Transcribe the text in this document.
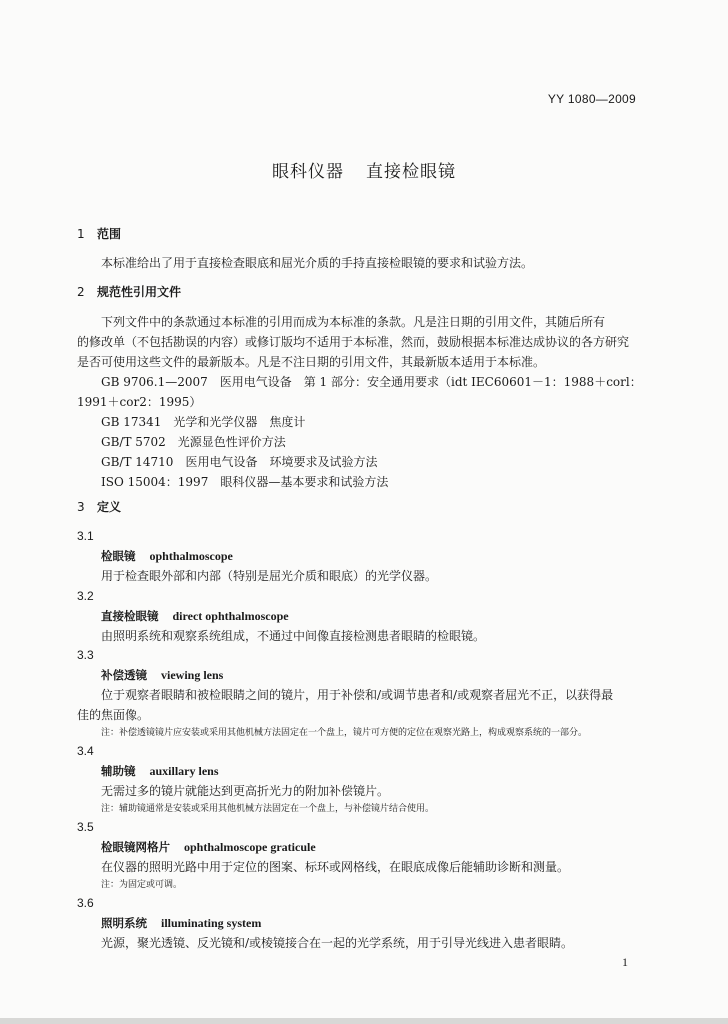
YY 1080—2009
眼科仪器 直接检眼镜
1 范围
本标准给出了用于直接检查眼底和屈光介质的手持直接检眼镜的要求和试验方法。
2 规范性引用文件
下列文件中的条款通过本标准的引用而成为本标准的条款。凡是注日期的引用文件，其随后所有
的修改单（不包括勘误的内容）或修订版均不适用于本标准，然而，鼓励根据本标准达成协议的各方研究
是否可使用这些文件的最新版本。凡是不注日期的引用文件，其最新版本适用于本标准。
GB 9706.1—2007　医用电气设备　第 1 部分：安全通用要求（idt IEC60601－1：1988＋corl：
1991＋cor2：1995）
GB 17341　光学和光学仪器　焦度计
GB/T 5702　光源显色性评价方法
GB/T 14710　医用电气设备　环境要求及试验方法
ISO 15004：1997　眼科仪器—基本要求和试验方法
3 定义
3.1
检眼镜 ophthalmoscope
用于检查眼外部和内部（特别是屈光介质和眼底）的光学仪器。
3.2
直接检眼镜 direct ophthalmoscope
由照明系统和观察系统组成，不通过中间像直接检测患者眼睛的检眼镜。
3.3
补偿透镜 viewing lens
位于观察者眼睛和被检眼睛之间的镜片，用于补偿和/或调节患者和/或观察者屈光不正，以获得最
佳的焦面像。
注：补偿透镜镜片应安装或采用其他机械方法固定在一个盘上，镜片可方便的定位在观察光路上，构成观察系统的一部分。
3.4
辅助镜 auxillary lens
无需过多的镜片就能达到更高折光力的附加补偿镜片。
注：辅助镜通常是安装或采用其他机械方法固定在一个盘上，与补偿镜片结合使用。
3.5
检眼镜网格片 ophthalmoscope graticule
在仪器的照明光路中用于定位的图案、标环或网格线，在眼底成像后能辅助诊断和测量。
注：为固定或可调。
3.6
照明系统 illuminating system
光源，聚光透镜、反光镜和/或棱镜接合在一起的光学系统，用于引导光线进入患者眼睛。
1
